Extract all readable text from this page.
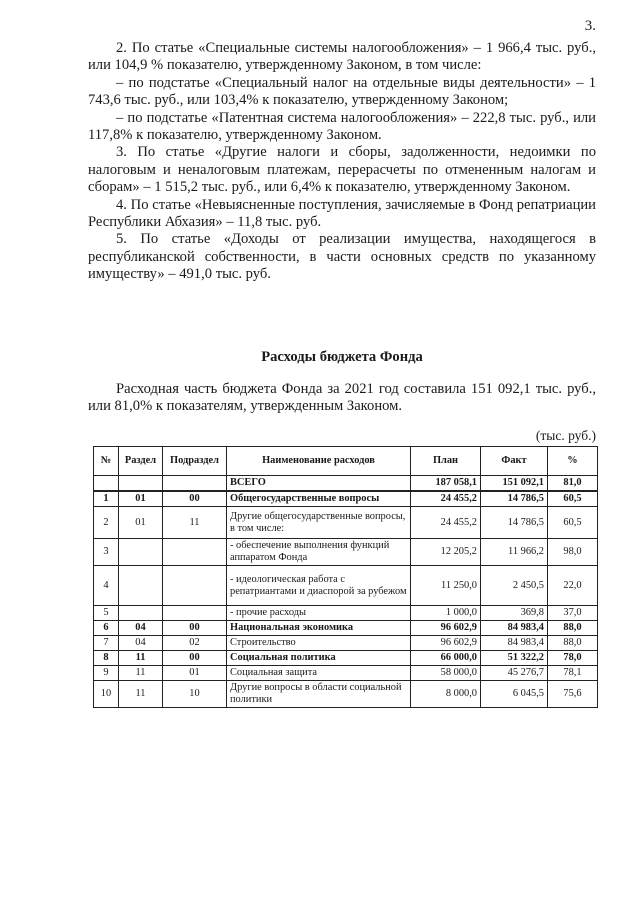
3.

2. По статье «Специальные системы налогообложения» – 1 966,4 тыс. руб., или 104,9 % показателю, утвержденному Законом, в том числе:

– по подстатье «Специальный налог на отдельные виды деятельности» – 1 743,6 тыс. руб., или 103,4% к показателю, утвержденному Законом;

– по подстатье «Патентная система налогообложения» – 222,8 тыс. руб., или 117,8% к показателю, утвержденному Законом.

3. По статье «Другие налоги и сборы, задолженности, недоимки по налоговым и неналоговым платежам, перерасчеты по отмененным налогам и сборам» – 1 515,2 тыс. руб., или 6,4% к показателю, утвержденному Законом.

4. По статье «Невыясненные поступления, зачисляемые в Фонд репатриации Республики Абхазия» – 11,8 тыс. руб.

5. По статье «Доходы от реализации имущества, находящегося в республиканской собственности, в части основных средств по указанному имуществу» – 491,0 тыс. руб.

Расходы бюджета Фонда
Расходная часть бюджета Фонда за 2021 год составила 151 092,1 тыс. руб., или 81,0% к показателям, утвержденным Законом.
(тыс. руб.)
№	Раздел	Подраздел	Наименование расходов	План	Факт	%
			ВСЕГО	187 058,1	151 092,1	81,0
1	01	00	Общегосударственные вопросы	24 455,2	14 786,5	60,5
2	01	11	Другие общегосударственные вопросы, в том числе:	24 455,2	14 786,5	60,5
3			- обеспечение выполнения функций аппаратом Фонда	12 205,2	11 966,2	98,0
4			- идеологическая работа с репатриантами и диаспорой за рубежом	11 250,0	2 450,5	22,0
5			- прочие расходы	1 000,0	369,8	37,0
6	04	00	Национальная экономика	96 602,9	84 983,4	88,0
7	04	02	Строительство	96 602,9	84 983,4	88,0
8	11	00	Социальная политика	66 000,0	51 322,2	78,0
9	11	01	Социальная защита	58 000,0	45 276,7	78,1
10	11	10	Другие вопросы в области социальной политики	8 000,0	6 045,5	75,6
